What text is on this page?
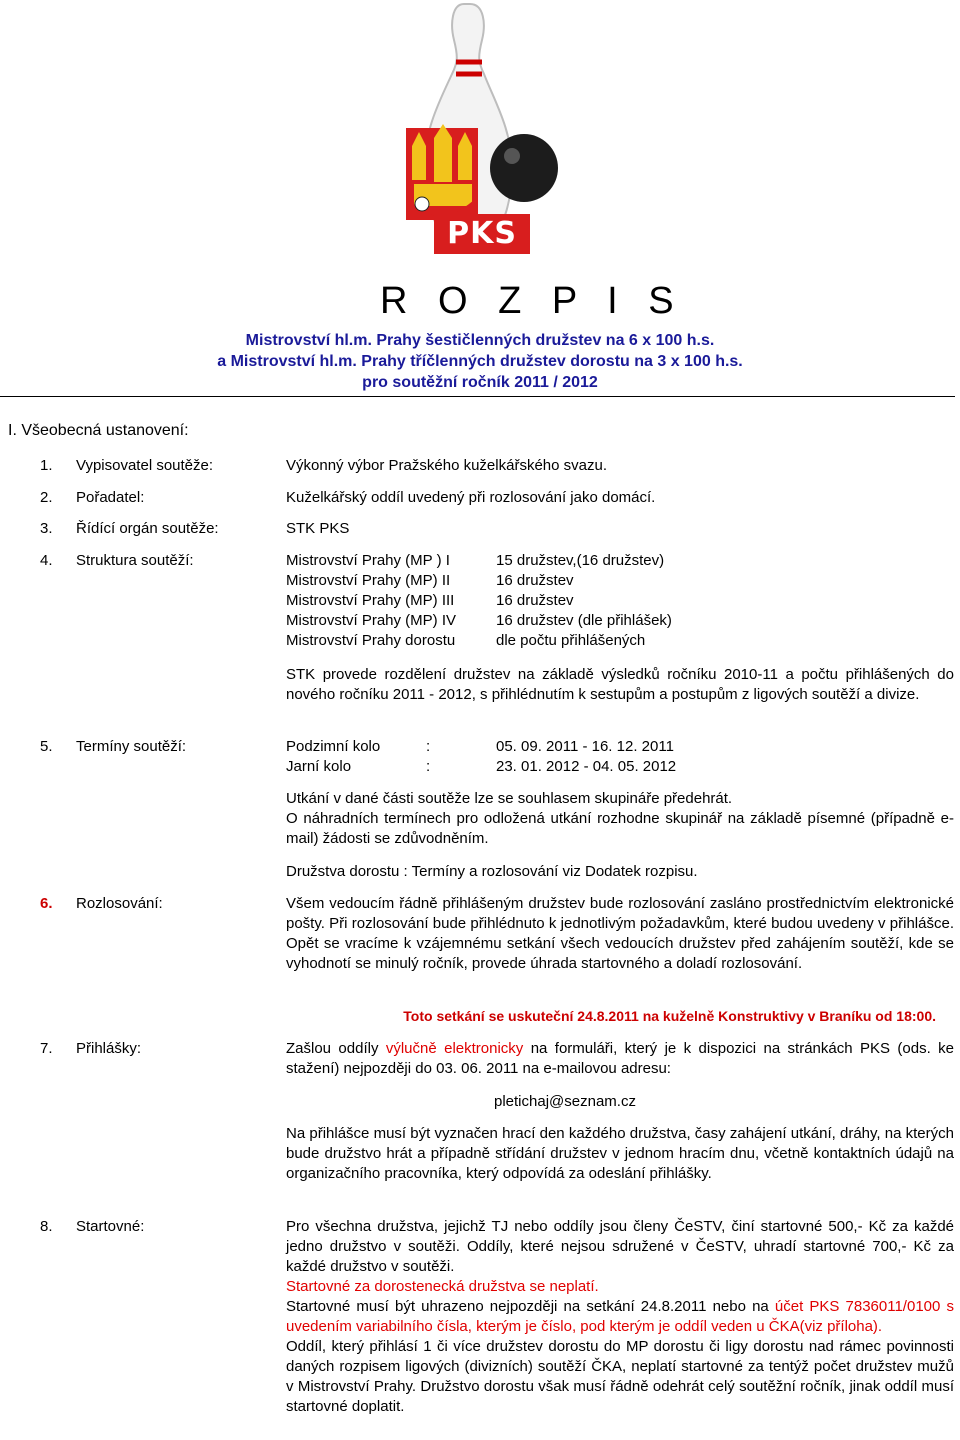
PKS
R O Z P I S
Mistrovství hl.m. Prahy šestičlenných družstev na 6 x 100 h.s.
a Mistrovství hl.m. Prahy tříčlenných družstev dorostu na 3 x 100 h.s.
pro soutěžní ročník 2011 / 2012
I. Všeobecná ustanovení:
1.	Vypisovatel soutěže:	Výkonný výbor Pražského kuželkářského svazu.
2.	Pořadatel:	Kuželkářský oddíl uvedený při rozlosování jako domácí.
3.	Řídící orgán soutěže:	STK PKS
4.	Struktura soutěží:	Mistrovství Prahy (MP ) I	15 družstev,(16 družstev)
Mistrovství Prahy (MP) II	16 družstev
Mistrovství Prahy (MP) III	16 družstev
Mistrovství Prahy (MP) IV	16 družstev (dle přihlášek)
Mistrovství Prahy dorostu	dle počtu přihlášených
STK provede rozdělení družstev na základě výsledků ročníku 2010-11 a počtu přihlášených do nového ročníku 2011 - 2012, s přihlédnutím k sestupům a postupům z ligových soutěží a divize.
5.	Termíny soutěží:	Podzimní kolo	:	05. 09. 2011 - 16. 12. 2011
Jarní kolo	:	23. 01. 2012 - 04. 05. 2012
Utkání v dané části soutěže lze se souhlasem skupináře předehrát.
O náhradních termínech pro odložená utkání rozhodne skupinář na základě písemné (případně e-mail) žádosti se zdůvodněním.
Družstva dorostu : Termíny a rozlosování viz Dodatek rozpisu.
6.	Rozlosování:	Všem vedoucím řádně přihlášeným družstev bude rozlosování zasláno prostřednictvím elektronické pošty. Při rozlosování bude přihlédnuto k jednotlivým požadavkům, které budou uvedeny v přihlášce. Opět se vracíme k vzájemnému setkání všech vedoucích družstev před zahájením soutěží, kde se vyhodnotí se minulý ročník, provede úhrada startovného a doladí rozlosování.
Toto setkání se uskuteční 24.8.2011 na kuželně Konstruktivy v Braníku od 18:00.
7.	Přihlášky:	Zašlou oddíly výlučně elektronicky na formuláři, který je k dispozici na stránkách PKS (ods. ke stažení) nejpozději do 03. 06. 2011 na e-mailovou adresu:
pletichaj@seznam.cz
Na přihlášce musí být vyznačen hrací den každého družstva, časy zahájení utkání, dráhy, na kterých bude družstvo hrát a případně střídání družstev v jednom hracím dnu, včetně kontaktních údajů na organizačního pracovníka, který odpovídá za odeslání přihlášky.
8.	Startovné:	Pro všechna družstva, jejichž TJ nebo oddíly jsou členy ČeSTV, činí startovné 500,- Kč za každé jedno družstvo v soutěži. Oddíly, které nejsou sdružené v ČeSTV, uhradí startovné 700,- Kč za každé družstvo v soutěži.
Startovné za dorostenecká družstva se neplatí.
Startovné musí být uhrazeno nejpozději na setkání 24.8.2011 nebo na účet PKS 7836011/0100 s uvedením variabilního čísla, kterým je číslo, pod kterým je oddíl veden u ČKA(viz příloha).
Oddíl, který přihlásí 1 či více družstev dorostu do MP dorostu či ligy dorostu nad rámec povinnosti daných rozpisem ligových (divizních) soutěží ČKA, neplatí startovné za tentýž počet družstev mužů v Mistrovství Prahy. Družstvo dorostu však musí řádně odehrát celý soutěžní ročník, jinak oddíl musí startovné doplatit.
